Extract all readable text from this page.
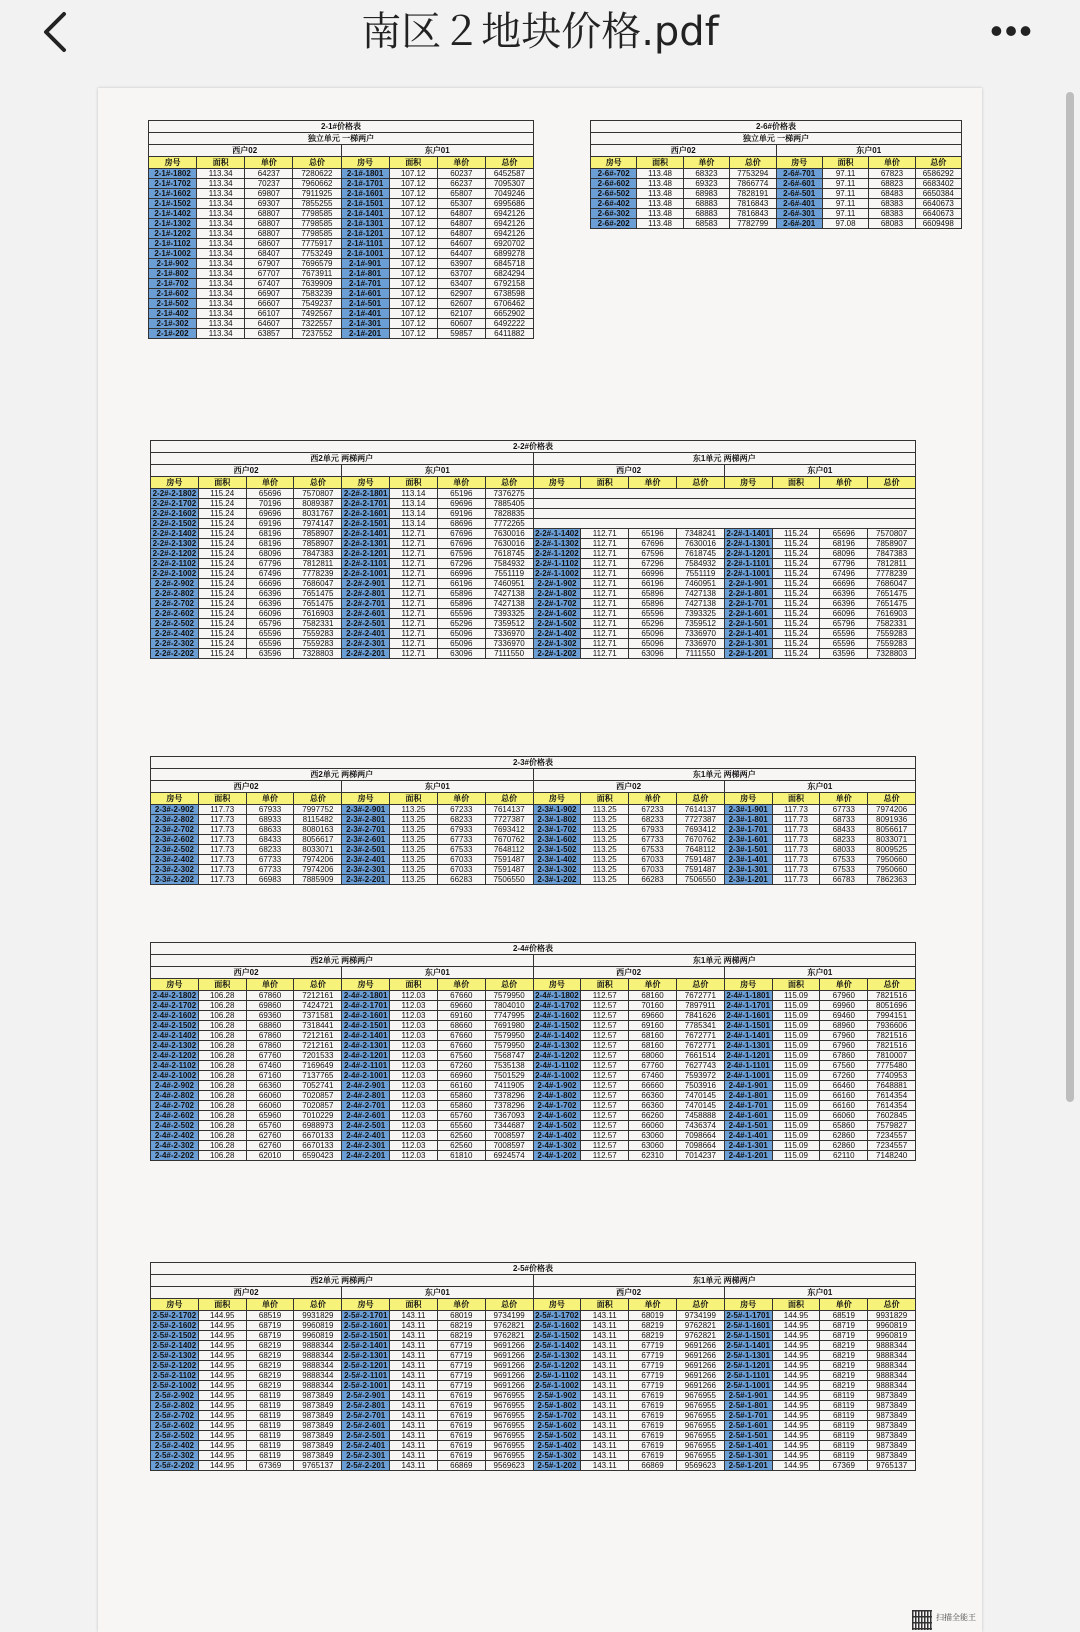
南区２地块价格.pdf	•••
2-1#价格表							
独立单元 一梯两户							
西户02				东户01			
房号	面积	单价	总价	房号	面积	单价	总价
2-1#-1802	113.34	64237	7280622	2-1#-1801	107.12	60237	6452587
2-1#-1702	113.34	70237	7960662	2-1#-1701	107.12	66237	7095307
2-1#-1602	113.34	69807	7911925	2-1#-1601	107.12	65807	7049246
2-1#-1502	113.34	69307	7855255	2-1#-1501	107.12	65307	6995686
2-1#-1402	113.34	68807	7798585	2-1#-1401	107.12	64807	6942126
2-1#-1302	113.34	68807	7798585	2-1#-1301	107.12	64807	6942126
2-1#-1202	113.34	68807	7798585	2-1#-1201	107.12	64807	6942126
2-1#-1102	113.34	68607	7775917	2-1#-1101	107.12	64607	6920702
2-1#-1002	113.34	68407	7753249	2-1#-1001	107.12	64407	6899278
2-1#-902	113.34	67907	7696579	2-1#-901	107.12	63907	6845718
2-1#-802	113.34	67707	7673911	2-1#-801	107.12	63707	6824294
2-1#-702	113.34	67407	7639909	2-1#-701	107.12	63407	6792158
2-1#-602	113.34	66907	7583239	2-1#-601	107.12	62907	6738598
2-1#-502	113.34	66607	7549237	2-1#-501	107.12	62607	6706462
2-1#-402	113.34	66107	7492567	2-1#-401	107.12	62107	6652902
2-1#-302	113.34	64607	7322557	2-1#-301	107.12	60607	6492222
2-1#-202	113.34	63857	7237552	2-1#-201	107.12	59857	6411882
2-6#价格表							
独立单元 一梯两户							
西户02				东户01			
房号	面积	单价	总价	房号	面积	单价	总价
2-6#-702	113.48	68323	7753294	2-6#-701	97.11	67823	6586292
2-6#-602	113.48	69323	7866774	2-6#-601	97.11	68823	6683402
2-6#-502	113.48	68983	7828191	2-6#-501	97.11	68483	6650384
2-6#-402	113.48	68883	7816843	2-6#-401	97.11	68383	6640673
2-6#-302	113.48	68883	7816843	2-6#-301	97.11	68383	6640673
2-6#-202	113.48	68583	7782799	2-6#-201	97.08	68083	6609498
2-2#价格表															
西2单元 两梯两户								东1单元 两梯两户							
西户02				东户01				西户02				东户01			
房号	面积	单价	总价	房号	面积	单价	总价	房号	面积	单价	总价	房号	面积	单价	总价
2-2#-2-1802	115.24	65696	7570807	2-2#-2-1801	113.14	65196	7376275								
2-2#-2-1702	115.24	70196	8089387	2-2#-2-1701	113.14	69696	7885405								
2-2#-2-1602	115.24	69696	8031767	2-2#-2-1601	113.14	69196	7828835								
2-2#-2-1502	115.24	69196	7974147	2-2#-2-1501	113.14	68696	7772265								
2-2#-2-1402	115.24	68196	7858907	2-2#-2-1401	112.71	67696	7630016	2-2#-1-1402	112.71	65196	7348241	2-2#-1-1401	115.24	65696	7570807
2-2#-2-1302	115.24	68196	7858907	2-2#-2-1301	112.71	67696	7630016	2-2#-1-1302	112.71	67696	7630016	2-2#-1-1301	115.24	68196	7858907
2-2#-2-1202	115.24	68096	7847383	2-2#-2-1201	112.71	67596	7618745	2-2#-1-1202	112.71	67596	7618745	2-2#-1-1201	115.24	68096	7847383
2-2#-2-1102	115.24	67796	7812811	2-2#-2-1101	112.71	67296	7584932	2-2#-1-1102	112.71	67296	7584932	2-2#-1-1101	115.24	67796	7812811
2-2#-2-1002	115.24	67496	7778239	2-2#-2-1001	112.71	66996	7551119	2-2#-1-1002	112.71	66996	7551119	2-2#-1-1001	115.24	67496	7778239
2-2#-2-902	115.24	66696	7686047	2-2#-2-901	112.71	66196	7460951	2-2#-1-902	112.71	66196	7460951	2-2#-1-901	115.24	66696	7686047
2-2#-2-802	115.24	66396	7651475	2-2#-2-801	112.71	65896	7427138	2-2#-1-802	112.71	65896	7427138	2-2#-1-801	115.24	66396	7651475
2-2#-2-702	115.24	66396	7651475	2-2#-2-701	112.71	65896	7427138	2-2#-1-702	112.71	65896	7427138	2-2#-1-701	115.24	66396	7651475
2-2#-2-602	115.24	66096	7616903	2-2#-2-601	112.71	65596	7393325	2-2#-1-602	112.71	65596	7393325	2-2#-1-601	115.24	66096	7616903
2-2#-2-502	115.24	65796	7582331	2-2#-2-501	112.71	65296	7359512	2-2#-1-502	112.71	65296	7359512	2-2#-1-501	115.24	65796	7582331
2-2#-2-402	115.24	65596	7559283	2-2#-2-401	112.71	65096	7336970	2-2#-1-402	112.71	65096	7336970	2-2#-1-401	115.24	65596	7559283
2-2#-2-302	115.24	65596	7559283	2-2#-2-301	112.71	65096	7336970	2-2#-1-302	112.71	65096	7336970	2-2#-1-301	115.24	65596	7559283
2-2#-2-202	115.24	63596	7328803	2-2#-2-201	112.71	63096	7111550	2-2#-1-202	112.71	63096	7111550	2-2#-1-201	115.24	63596	7328803
2-3#价格表															
西2单元 两梯两户								东1单元 两梯两户							
西户02				东户01				西户02				东户01			
房号	面积	单价	总价	房号	面积	单价	总价	房号	面积	单价	总价	房号	面积	单价	总价
2-3#-2-902	117.73	67933	7997752	2-3#-2-901	113.25	67233	7614137	2-3#-1-902	113.25	67233	7614137	2-3#-1-901	117.73	67733	7974206
2-3#-2-802	117.73	68933	8115482	2-3#-2-801	113.25	68233	7727387	2-3#-1-802	113.25	68233	7727387	2-3#-1-801	117.73	68733	8091936
2-3#-2-702	117.73	68633	8080163	2-3#-2-701	113.25	67933	7693412	2-3#-1-702	113.25	67933	7693412	2-3#-1-701	117.73	68433	8056617
2-3#-2-602	117.73	68433	8056617	2-3#-2-601	113.25	67733	7670762	2-3#-1-602	113.25	67733	7670762	2-3#-1-601	117.73	68233	8033071
2-3#-2-502	117.73	68233	8033071	2-3#-2-501	113.25	67533	7648112	2-3#-1-502	113.25	67533	7648112	2-3#-1-501	117.73	68033	8009525
2-3#-2-402	117.73	67733	7974206	2-3#-2-401	113.25	67033	7591487	2-3#-1-402	113.25	67033	7591487	2-3#-1-401	117.73	67533	7950660
2-3#-2-302	117.73	67733	7974206	2-3#-2-301	113.25	67033	7591487	2-3#-1-302	113.25	67033	7591487	2-3#-1-301	117.73	67533	7950660
2-3#-2-202	117.73	66983	7885909	2-3#-2-201	113.25	66283	7506550	2-3#-1-202	113.25	66283	7506550	2-3#-1-201	117.73	66783	7862363
2-4#价格表															
西2单元 两梯两户								东1单元 两梯两户							
西户02				东户01				西户02				东户01			
房号	面积	单价	总价	房号	面积	单价	总价	房号	面积	单价	总价	房号	面积	单价	总价
2-4#-2-1802	106.28	67860	7212161	2-4#-2-1801	112.03	67660	7579950	2-4#-1-1802	112.57	68160	7672771	2-4#-1-1801	115.09	67960	7821516
2-4#-2-1702	106.28	69860	7424721	2-4#-2-1701	112.03	69660	7804010	2-4#-1-1702	112.57	70160	7897911	2-4#-1-1701	115.09	69960	8051696
2-4#-2-1602	106.28	69360	7371581	2-4#-2-1601	112.03	69160	7747995	2-4#-1-1602	112.57	69660	7841626	2-4#-1-1601	115.09	69460	7994151
2-4#-2-1502	106.28	68860	7318441	2-4#-2-1501	112.03	68660	7691980	2-4#-1-1502	112.57	69160	7785341	2-4#-1-1501	115.09	68960	7936606
2-4#-2-1402	106.28	67860	7212161	2-4#-2-1401	112.03	67660	7579950	2-4#-1-1402	112.57	68160	7672771	2-4#-1-1401	115.09	67960	7821516
2-4#-2-1302	106.28	67860	7212161	2-4#-2-1301	112.03	67660	7579950	2-4#-1-1302	112.57	68160	7672771	2-4#-1-1301	115.09	67960	7821516
2-4#-2-1202	106.28	67760	7201533	2-4#-2-1201	112.03	67560	7568747	2-4#-1-1202	112.57	68060	7661514	2-4#-1-1201	115.09	67860	7810007
2-4#-2-1102	106.28	67460	7169649	2-4#-2-1101	112.03	67260	7535138	2-4#-1-1102	112.57	67760	7627743	2-4#-1-1101	115.09	67560	7775480
2-4#-2-1002	106.28	67160	7137765	2-4#-2-1001	112.03	66960	7501529	2-4#-1-1002	112.57	67460	7593972	2-4#-1-1001	115.09	67260	7740953
2-4#-2-902	106.28	66360	7052741	2-4#-2-901	112.03	66160	7411905	2-4#-1-902	112.57	66660	7503916	2-4#-1-901	115.09	66460	7648881
2-4#-2-802	106.28	66060	7020857	2-4#-2-801	112.03	65860	7378296	2-4#-1-802	112.57	66360	7470145	2-4#-1-801	115.09	66160	7614354
2-4#-2-702	106.28	66060	7020857	2-4#-2-701	112.03	65860	7378296	2-4#-1-702	112.57	66360	7470145	2-4#-1-701	115.09	66160	7614354
2-4#-2-602	106.28	65960	7010229	2-4#-2-601	112.03	65760	7367093	2-4#-1-602	112.57	66260	7458888	2-4#-1-601	115.09	66060	7602845
2-4#-2-502	106.28	65760	6988973	2-4#-2-501	112.03	65560	7344687	2-4#-1-502	112.57	66060	7436374	2-4#-1-501	115.09	65860	7579827
2-4#-2-402	106.28	62760	6670133	2-4#-2-401	112.03	62560	7008597	2-4#-1-402	112.57	63060	7098664	2-4#-1-401	115.09	62860	7234557
2-4#-2-302	106.28	62760	6670133	2-4#-2-301	112.03	62560	7008597	2-4#-1-302	112.57	63060	7098664	2-4#-1-301	115.09	62860	7234557
2-4#-2-202	106.28	62010	6590423	2-4#-2-201	112.03	61810	6924574	2-4#-1-202	112.57	62310	7014237	2-4#-1-201	115.09	62110	7148240
2-5#价格表															
西2单元 两梯两户								东1单元 两梯两户							
西户02				东户01				西户02				东户01			
房号	面积	单价	总价	房号	面积	单价	总价	房号	面积	单价	总价	房号	面积	单价	总价
2-5#-2-1702	144.95	68519	9931829	2-5#-2-1701	143.11	68019	9734199	2-5#-1-1702	143.11	68019	9734199	2-5#-1-1701	144.95	68519	9931829
2-5#-2-1602	144.95	68719	9960819	2-5#-2-1601	143.11	68219	9762821	2-5#-1-1602	143.11	68219	9762821	2-5#-1-1601	144.95	68719	9960819
2-5#-2-1502	144.95	68719	9960819	2-5#-2-1501	143.11	68219	9762821	2-5#-1-1502	143.11	68219	9762821	2-5#-1-1501	144.95	68719	9960819
2-5#-2-1402	144.95	68219	9888344	2-5#-2-1401	143.11	67719	9691266	2-5#-1-1402	143.11	67719	9691266	2-5#-1-1401	144.95	68219	9888344
2-5#-2-1302	144.95	68219	9888344	2-5#-2-1301	143.11	67719	9691266	2-5#-1-1302	143.11	67719	9691266	2-5#-1-1301	144.95	68219	9888344
2-5#-2-1202	144.95	68219	9888344	2-5#-2-1201	143.11	67719	9691266	2-5#-1-1202	143.11	67719	9691266	2-5#-1-1201	144.95	68219	9888344
2-5#-2-1102	144.95	68219	9888344	2-5#-2-1101	143.11	67719	9691266	2-5#-1-1102	143.11	67719	9691266	2-5#-1-1101	144.95	68219	9888344
2-5#-2-1002	144.95	68219	9888344	2-5#-2-1001	143.11	67719	9691266	2-5#-1-1002	143.11	67719	9691266	2-5#-1-1001	144.95	68219	9888344
2-5#-2-902	144.95	68119	9873849	2-5#-2-901	143.11	67619	9676955	2-5#-1-902	143.11	67619	9676955	2-5#-1-901	144.95	68119	9873849
2-5#-2-802	144.95	68119	9873849	2-5#-2-801	143.11	67619	9676955	2-5#-1-802	143.11	67619	9676955	2-5#-1-801	144.95	68119	9873849
2-5#-2-702	144.95	68119	9873849	2-5#-2-701	143.11	67619	9676955	2-5#-1-702	143.11	67619	9676955	2-5#-1-701	144.95	68119	9873849
2-5#-2-602	144.95	68119	9873849	2-5#-2-601	143.11	67619	9676955	2-5#-1-602	143.11	67619	9676955	2-5#-1-601	144.95	68119	9873849
2-5#-2-502	144.95	68119	9873849	2-5#-2-501	143.11	67619	9676955	2-5#-1-502	143.11	67619	9676955	2-5#-1-501	144.95	68119	9873849
2-5#-2-402	144.95	68119	9873849	2-5#-2-401	143.11	67619	9676955	2-5#-1-402	143.11	67619	9676955	2-5#-1-401	144.95	68119	9873849
2-5#-2-302	144.95	68119	9873849	2-5#-2-301	143.11	67619	9676955	2-5#-1-302	143.11	67619	9676955	2-5#-1-301	144.95	68119	9873849
2-5#-2-202	144.95	67369	9765137	2-5#-2-201	143.11	66869	9569623	2-5#-1-202	143.11	66869	9569623	2-5#-1-201	144.95	67369	9765137
扫描全能王
